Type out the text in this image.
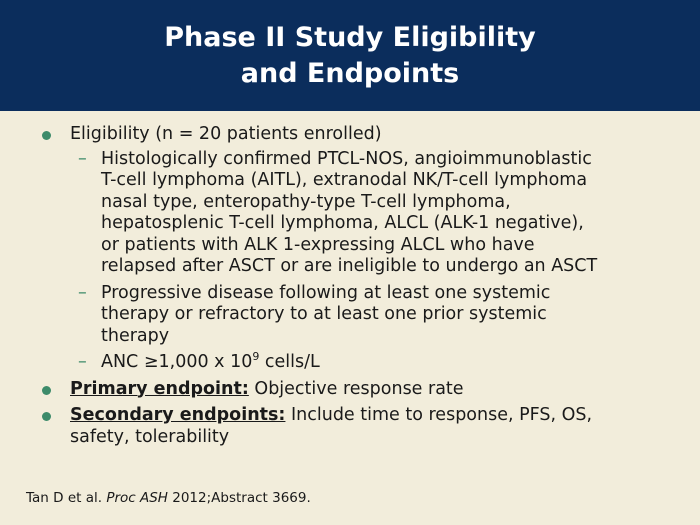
Phase II Study Eligibility
and Endpoints
Eligibility (n = 20 patients enrolled)
– Histologically confirmed PTCL-NOS, angioimmunoblastic
T-cell lymphoma (AITL), extranodal NK/T-cell lymphoma
nasal type, enteropathy-type T-cell lymphoma,
hepatosplenic T-cell lymphoma, ALCL (ALK-1 negative),
or patients with ALK 1-expressing ALCL who have
relapsed after ASCT or are ineligible to undergo an ASCT
– Progressive disease following at least one systemic
therapy or refractory to at least one prior systemic
therapy
– ANC ≥1,000 x $10^9$ cells/L
Primary endpoint: Objective response rate
Secondary endpoints: Include time to response, PFS, OS,
safety, tolerability
Tan D et al. Proc ASH 2012;Abstract 3669.
